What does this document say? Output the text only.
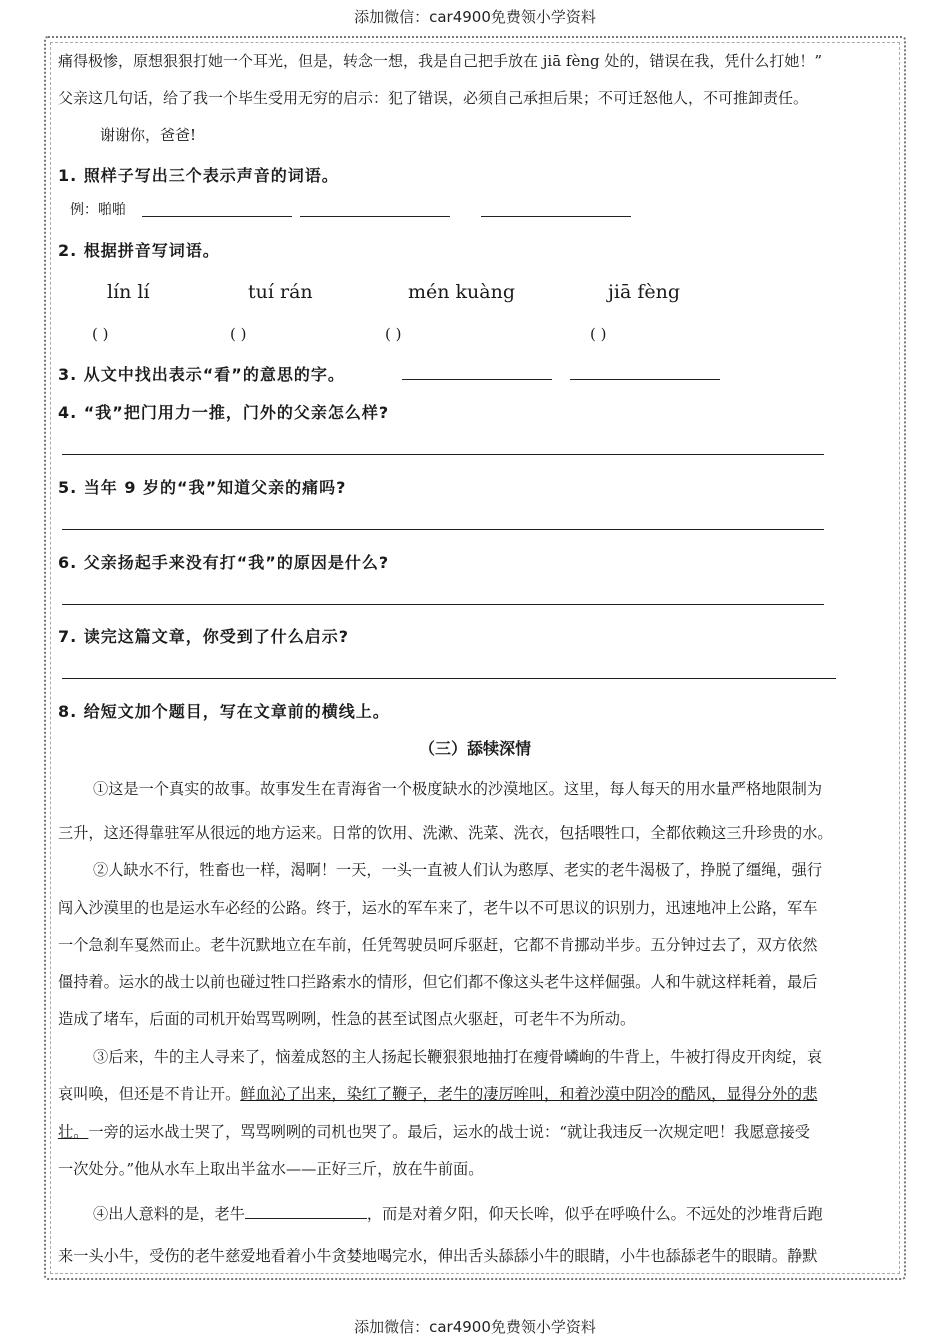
添加微信：car4900免费领小学资料
痛得极惨，原想狠狠打她一个耳光，但是，转念一想，我是自己把手放在 jiā fèng 处的，错误在我，凭什么打她！”
父亲这几句话，给了我一个毕生受用无穷的启示：犯了错误，必须自己承担后果；不可迁怒他人，不可推卸责任。
谢谢你，爸爸!
1. 照样子写出三个表示声音的词语。
例：啪啪
2. 根据拼音写词语。
lín lí	tuí rán	mén kuàng	jiā fèng
( )	( )	( )	( )
3. 从文中找出表示“看”的意思的字。
4. “我”把门用力一推，门外的父亲怎么样?
5. 当年 9 岁的“我”知道父亲的痛吗?
6. 父亲扬起手来没有打“我”的原因是什么?
7. 读完这篇文章，你受到了什么启示?
8. 给短文加个题目，写在文章前的横线上。
（三）舔犊深情
①这是一个真实的故事。故事发生在青海省一个极度缺水的沙漠地区。这里，每人每天的用水量严格地限制为
三升，这还得靠驻军从很远的地方运来。日常的饮用、洗漱、洗菜、洗衣，包括喂牲口，全都依赖这三升珍贵的水。
②人缺水不行，牲畜也一样，渴啊！一天，一头一直被人们认为憨厚、老实的老牛渴极了，挣脱了缰绳，强行
闯入沙漠里的也是运水车必经的公路。终于，运水的军车来了，老牛以不可思议的识别力，迅速地冲上公路，军车
一个急刹车戛然而止。老牛沉默地立在车前，任凭驾驶员呵斥驱赶，它都不肯挪动半步。五分钟过去了，双方依然
僵持着。运水的战士以前也碰过牲口拦路索水的情形，但它们都不像这头老牛这样倔强。人和牛就这样耗着，最后
造成了堵车，后面的司机开始骂骂咧咧，性急的甚至试图点火驱赶，可老牛不为所动。
③后来，牛的主人寻来了，恼羞成怒的主人扬起长鞭狠狠地抽打在瘦骨嶙峋的牛背上，牛被打得皮开肉绽，哀
哀叫唤，但还是不肯让开。鲜血沁了出来，染红了鞭子，老牛的凄厉哞叫，和着沙漠中阴冷的酷风，显得分外的悲
壮。一旁的运水战士哭了，骂骂咧咧的司机也哭了。最后，运水的战士说：“就让我违反一次规定吧！我愿意接受
一次处分。”他从水车上取出半盆水——正好三斤，放在牛前面。
④出人意料的是，老牛	，而是对着夕阳，仰天长哞，似乎在呼唤什么。不远处的沙堆背后跑
来一头小牛，受伤的老牛慈爱地看着小牛贪婪地喝完水，伸出舌头舔舔小牛的眼睛，小牛也舔舔老牛的眼睛。静默
添加微信：car4900免费领小学资料
